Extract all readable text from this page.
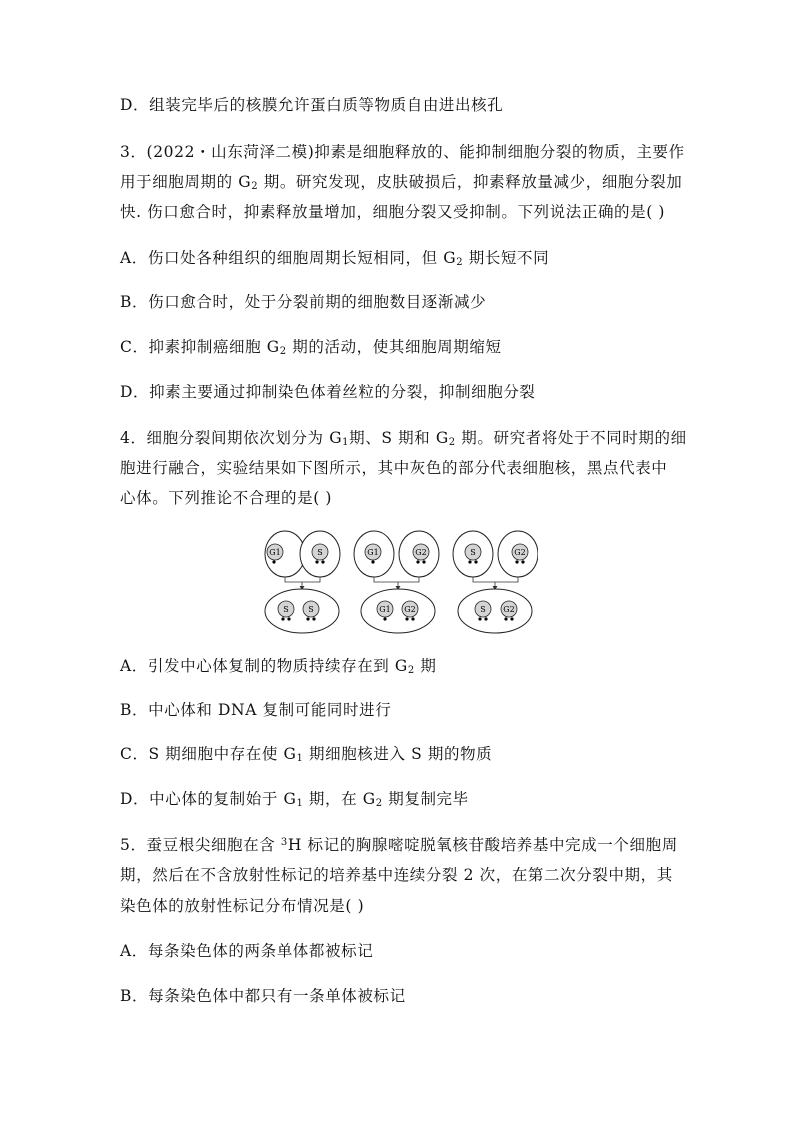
D．组装完毕后的核膜允许蛋白质等物质自由进出核孔
3．(2022・山东菏泽二模)抑素是细胞释放的、能抑制细胞分裂的物质，主要作
用于细胞周期的 $G_2$ 期。研究发现，皮肤破损后，抑素释放量减少，细胞分裂加
快. 伤口愈合时，抑素释放量增加，细胞分裂又受抑制。下列说法正确的是( )
A．伤口处各种组织的细胞周期长短相同，但 $G_2$ 期长短不同
B．伤口愈合时，处于分裂前期的细胞数目逐渐减少
C．抑素抑制癌细胞 $G_2$ 期的活动，使其细胞周期缩短
D．抑素主要通过抑制染色体着丝粒的分裂，抑制细胞分裂
4．细胞分裂间期依次划分为 $G_1$期、S 期和 $G_2$ 期。研究者将处于不同时期的细
胞进行融合，实验结果如下图所示，其中灰色的部分代表细胞核，黑点代表中
心体。下列推论不合理的是( )
G1	S
S S
G1	G2
G1 G2
S	G2
S G2
A．引发中心体复制的物质持续存在到 $G_2$ 期
B．中心体和 DNA 复制可能同时进行
C．S 期细胞中存在使 $G_1$ 期细胞核进入 S 期的物质
D．中心体的复制始于 $G_1$ 期，在 $G_2$ 期复制完毕
5．蚕豆根尖细胞在含 $^3$H 标记的胸腺嘧啶脱氧核苷酸培养基中完成一个细胞周
期，然后在不含放射性标记的培养基中连续分裂 2 次，在第二次分裂中期，其
染色体的放射性标记分布情况是( )
A．每条染色体的两条单体都被标记
B．每条染色体中都只有一条单体被标记
